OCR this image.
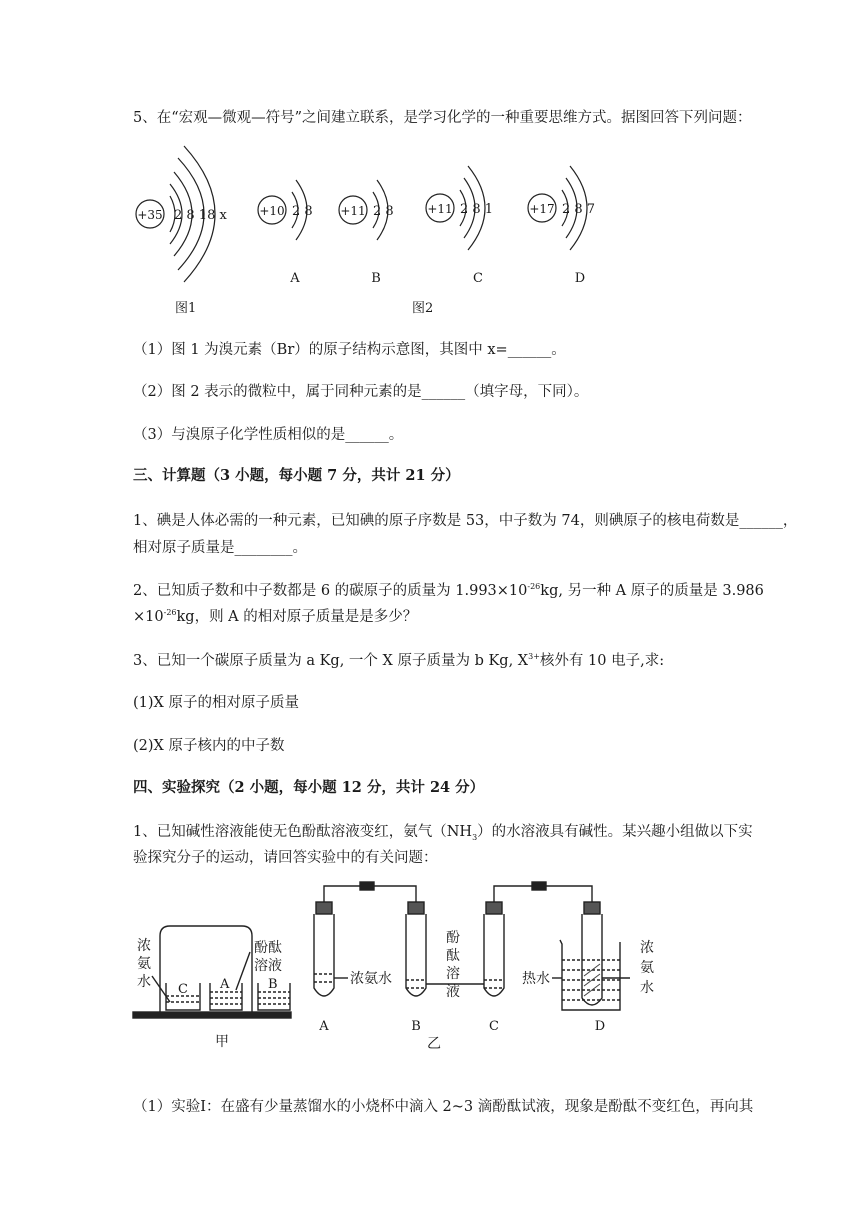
5、在“宏观—微观—符号”之间建立联系，是学习化学的一种重要思维方式。据图回答下列问题：
+35 2 8 18 x
图1
+10 2 8
A
+11 2 8
B
+11 2 8 1
C
+17 2 8 7
D
图2
（1）图 1 为溴元素（Br）的原子结构示意图，其图中 x=______。
（2）图 2 表示的微粒中，属于同种元素的是______（填字母，下同）。
（3）与溴原子化学性质相似的是______。
三、计算题（3 小题，每小题 7 分，共计 21 分）
1、碘是人体必需的一种元素，已知碘的原子序数是 53，中子数为 74，则碘原子的核电荷数是______，
相对原子质量是________。
2、已知质子数和中子数都是 6 的碳原子的质量为 $1.993\times 10^{-26}kg$, 另一种 A 原子的质量是 3.986
$\times 10^{-26}kg$，则 A 的相对原子质量是是多少？
3、已知一个碳原子质量为 a Kg, 一个 X 原子质量为 b Kg, $X^{3+}$核外有 10 电子,求:
(1)X 原子的相对原子质量
(2)X 原子核内的中子数
四、实验探究（2 小题，每小题 12 分，共计 24 分）
1、已知碱性溶液能使无色酚酞溶液变红，氨气$(NH_3)$的水溶液具有碱性。某兴趣小组做以下实
验探究分子的运动，请回答实验中的有关问题：
浓
氨
水
酚酞
溶液
C A	B
甲
浓氨水
酚
酞
溶
液
热水
浓
氨
水
A	B	C	D
乙
（1）实验Ⅰ：在盛有少量蒸馏水的小烧杯中滴入 2~3 滴酚酞试液，现象是酚酞不变红色，再向其
